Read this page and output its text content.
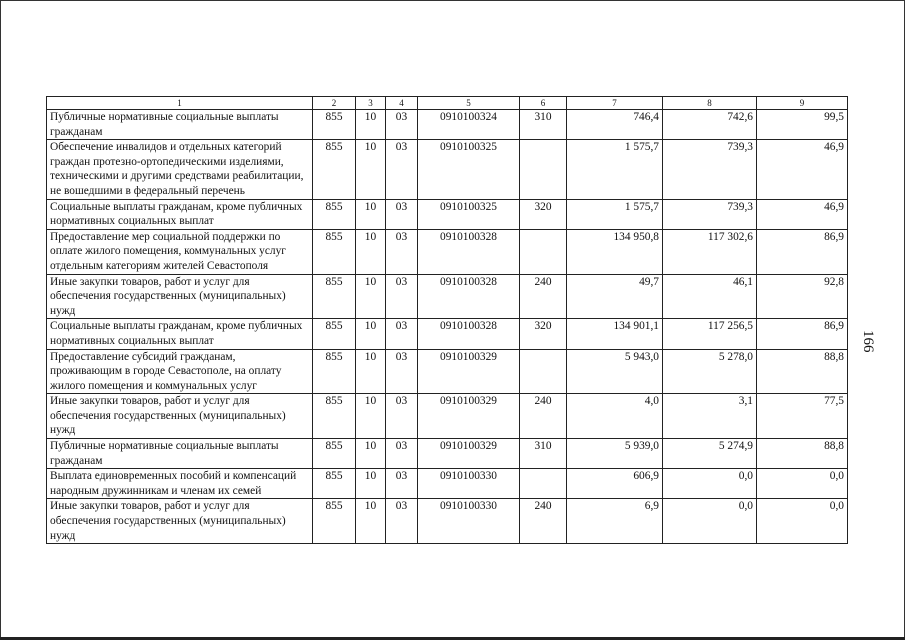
1	2	3	4	5	6	7	8	9
Публичные нормативные социальные выплаты гражданам	855	10	03	0910100324	310	746,4	742,6	99,5
Обеспечение инвалидов и отдельных категорий граждан протезно-ортопедическими изделиями, техническими и другими средствами реабилитации, не вошедшими в федеральный перечень	855	10	03	0910100325		1 575,7	739,3	46,9
Социальные выплаты гражданам, кроме публичных нормативных социальных выплат	855	10	03	0910100325	320	1 575,7	739,3	46,9
Предоставление мер социальной поддержки по оплате жилого помещения, коммунальных услуг отдельным категориям жителей Севастополя	855	10	03	0910100328		134 950,8	117 302,6	86,9
Иные закупки товаров, работ и услуг для обеспечения государственных (муниципальных) нужд	855	10	03	0910100328	240	49,7	46,1	92,8
Социальные выплаты гражданам, кроме публичных нормативных социальных выплат	855	10	03	0910100328	320	134 901,1	117 256,5	86,9
Предоставление субсидий гражданам, проживающим в городе Севастополе, на оплату жилого помещения и коммунальных услуг	855	10	03	0910100329		5 943,0	5 278,0	88,8
Иные закупки товаров, работ и услуг для обеспечения государственных (муниципальных) нужд	855	10	03	0910100329	240	4,0	3,1	77,5
Публичные нормативные социальные выплаты гражданам	855	10	03	0910100329	310	5 939,0	5 274,9	88,8
Выплата единовременных пособий и компенсаций народным дружинникам и членам их семей	855	10	03	0910100330		606,9	0,0	0,0
Иные закупки товаров, работ и услуг для обеспечения государственных (муниципальных) нужд	855	10	03	0910100330	240	6,9	0,0	0,0
166
